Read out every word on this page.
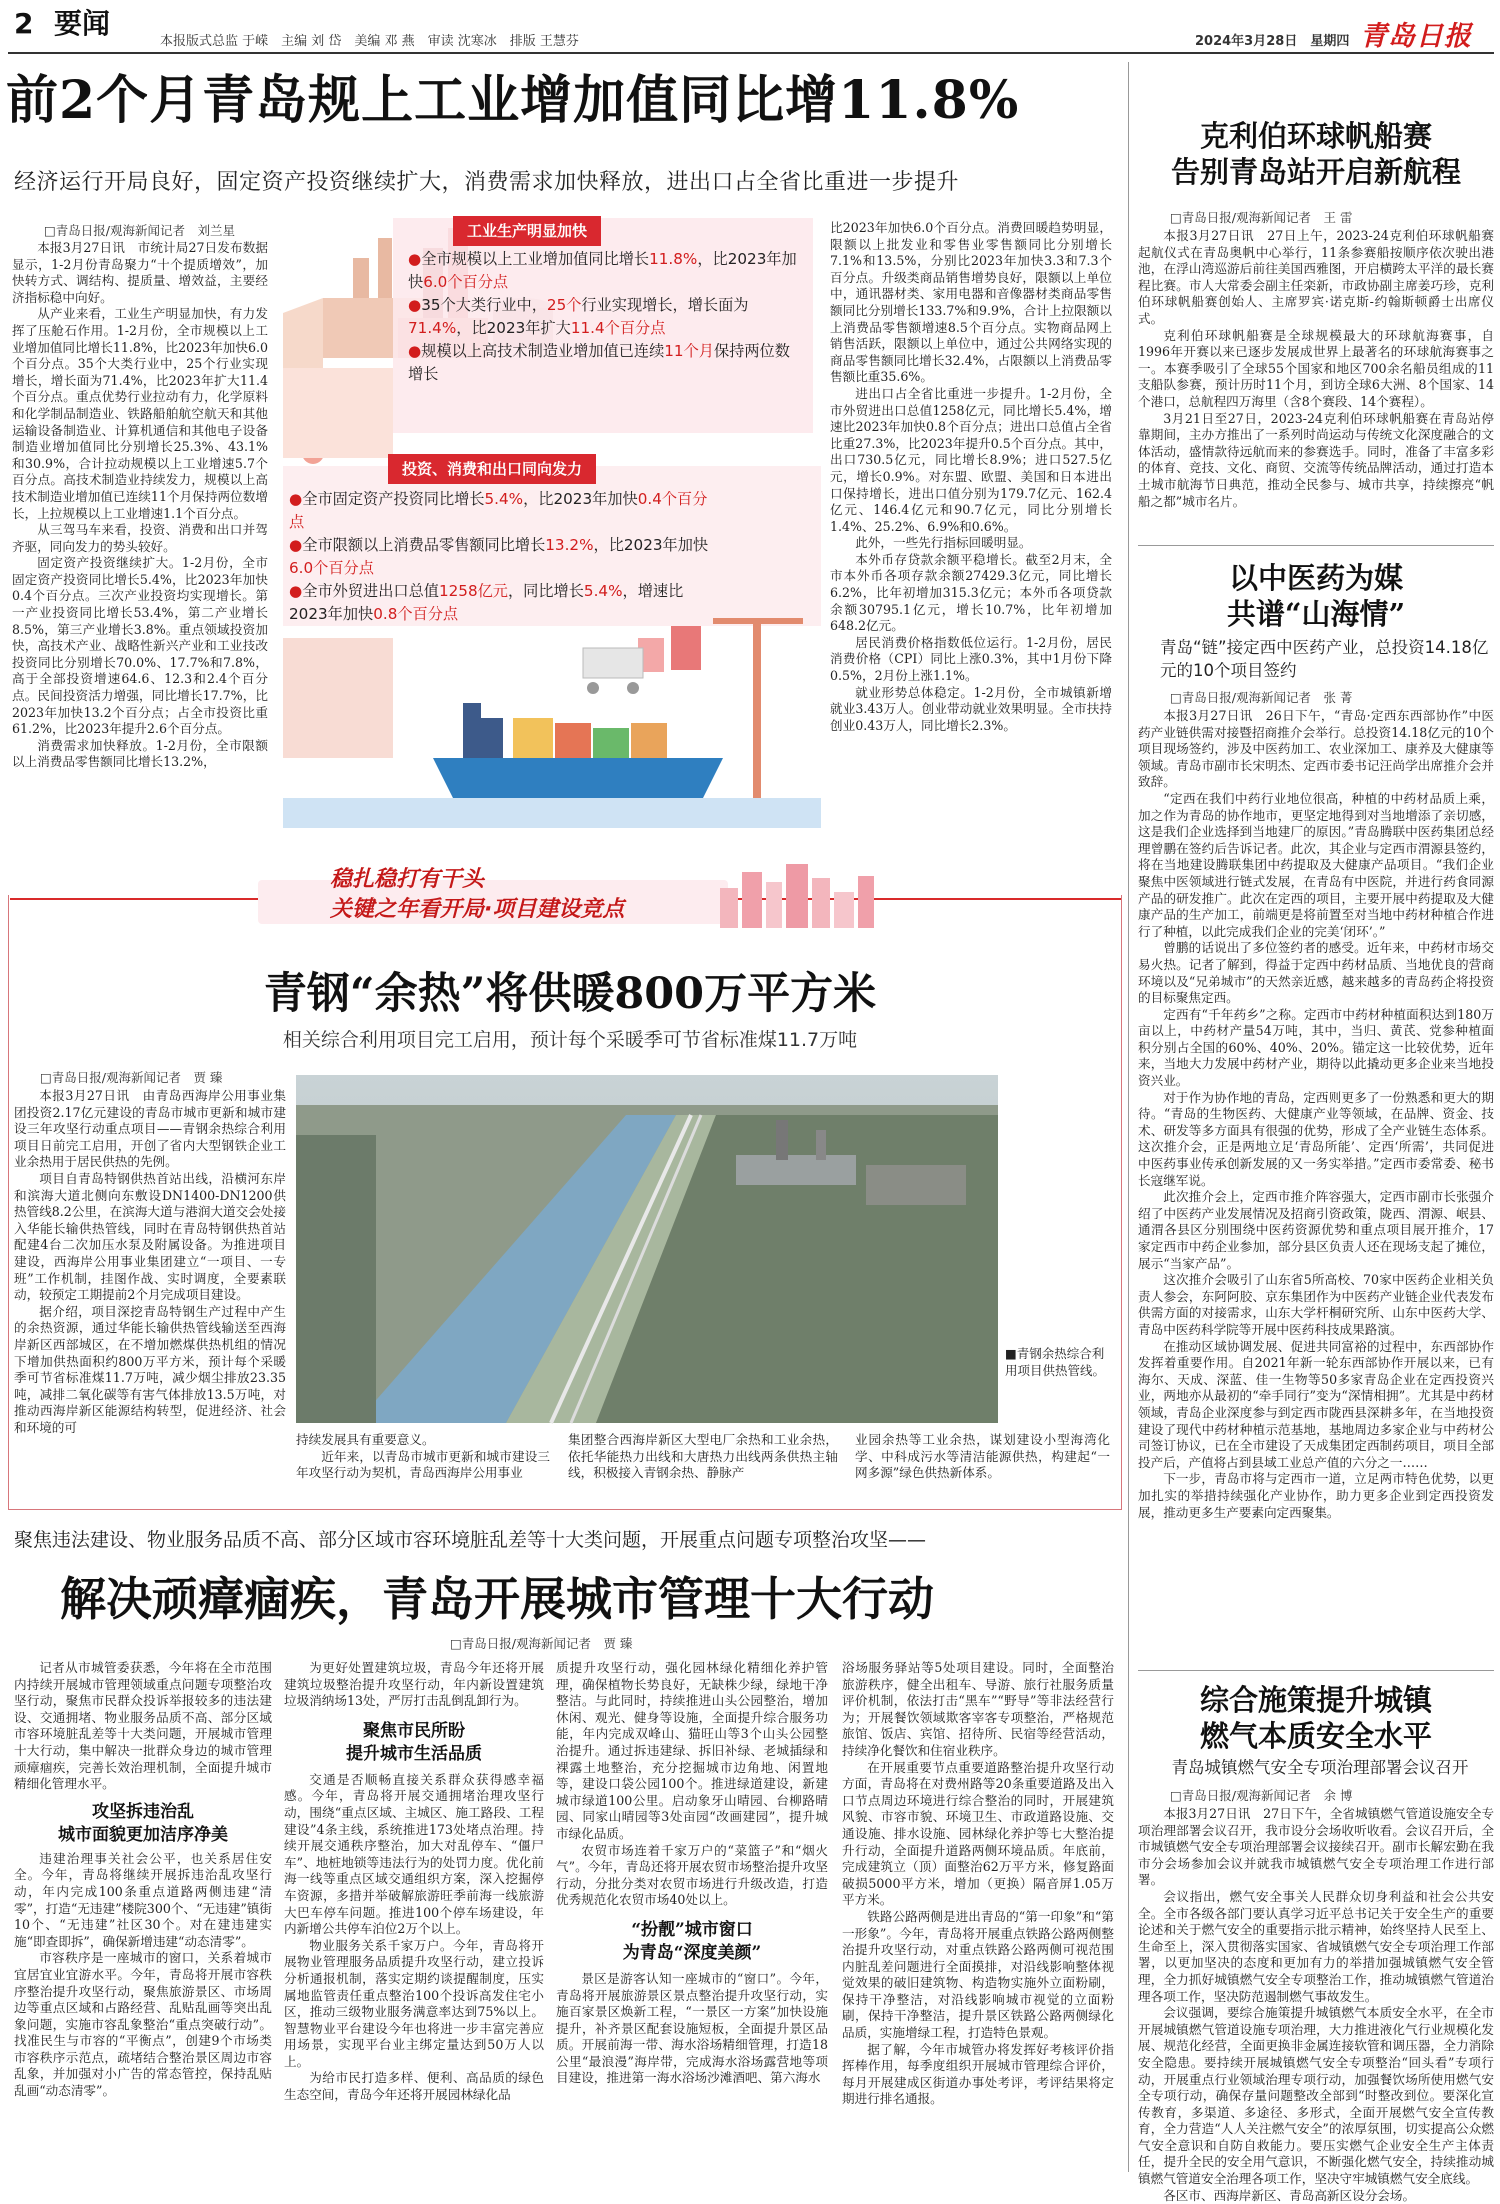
2 要闻
本报版式总监 于嵘　主编 刘 岱　美编 邓 燕　审读 沈寒冰　排版 王慧芬	2024年3月28日　星期四 青岛日报
前2个月青岛规上工业增加值同比增11.8%
经济运行开局良好，固定资产投资继续扩大，消费需求加快释放，进出口占全省比重进一步提升
□青岛日报/观海新闻记者　刘兰星

本报3月27日讯　市统计局27日发布数据显示，1-2月份青岛聚力“十个提质增效”，加快转方式、调结构、提质量、增效益，主要经济指标稳中向好。

从产业来看，工业生产明显加快，有力发挥了压舱石作用。1-2月份，全市规模以上工业增加值同比增长11.8%，比2023年加快6.0个百分点。35个大类行业中，25个行业实现增长，增长面为71.4%，比2023年扩大11.4个百分点。重点优势行业拉动有力，化学原料和化学制品制造业、铁路船舶航空航天和其他运输设备制造业、计算机通信和其他电子设备制造业增加值同比分别增长25.3%、43.1%和30.9%，合计拉动规模以上工业增速5.7个百分点。高技术制造业持续发力，规模以上高技术制造业增加值已连续11个月保持两位数增长，上拉规模以上工业增速1.1个百分点。

从三驾马车来看，投资、消费和出口并驾齐驱，同向发力的势头较好。

固定资产投资继续扩大。1-2月份，全市固定资产投资同比增长5.4%，比2023年加快0.4个百分点。三次产业投资均实现增长。第一产业投资同比增长53.4%，第二产业增长8.5%，第三产业增长3.8%。重点领域投资加快，高技术产业、战略性新兴产业和工业技改投资同比分别增长70.0%、17.7%和7.8%，高于全部投资增速64.6、12.3和2.4个百分点。民间投资活力增强，同比增长17.7%，比2023年加快13.2个百分点；占全市投资比重61.2%，比2023年提升2.6个百分点。

消费需求加快释放。1-2月份，全市限额以上消费品零售额同比增长13.2%，

工业生产明显加快
●全市规模以上工业增加值同比增长11.8%，比2023年加快6.0个百分点
●35个大类行业中，25个行业实现增长，增长面为71.4%，比2023年扩大11.4个百分点
●规模以上高技术制造业增加值已连续11个月保持两位数增长
投资、消费和出口同向发力
●全市固定资产投资同比增长5.4%，比2023年加快0.4个百分点
●全市限额以上消费品零售额同比增长13.2%，比2023年加快6.0个百分点
●全市外贸进出口总值1258亿元，同比增长5.4%，增速比2023年加快0.8个百分点

比2023年加快6.0个百分点。消费回暖趋势明显，限额以上批发业和零售业零售额同比分别增长7.1%和13.5%，分别比2023年加快3.3和7.3个百分点。升级类商品销售增势良好，限额以上单位中，通讯器材类、家用电器和音像器材类商品零售额同比分别增长133.7%和9.9%，合计上拉限额以上消费品零售额增速8.5个百分点。实物商品网上销售活跃，限额以上单位中，通过公共网络实现的商品零售额同比增长32.4%，占限额以上消费品零售额比重35.6%。

进出口占全省比重进一步提升。1-2月份，全市外贸进出口总值1258亿元，同比增长5.4%，增速比2023年加快0.8个百分点；进出口总值占全省比重27.3%，比2023年提升0.5个百分点。其中，出口730.5亿元，同比增长8.9%；进口527.5亿元，增长0.9%。对东盟、欧盟、美国和日本进出口保持增长，进出口值分别为179.7亿元、162.4亿元、146.4亿元和90.7亿元，同比分别增长1.4%、25.2%、6.9%和0.6%。

此外，一些先行指标回暖明显。

本外币存贷款余额平稳增长。截至2月末，全市本外币各项存款余额27429.3亿元，同比增长6.2%，比年初增加315.3亿元；本外币各项贷款余额30795.1亿元，增长10.7%，比年初增加648.2亿元。

居民消费价格指数低位运行。1-2月份，居民消费价格（CPI）同比上涨0.3%，其中1月份下降0.5%，2月份上涨1.1%。

就业形势总体稳定。1-2月份，全市城镇新增就业3.43万人。创业带动就业效果明显。全市扶持创业0.43万人，同比增长2.3%。

稳扎稳打有干头
关键之年看开局·项目建设竞点
青钢“余热”将供暖800万平方米
相关综合利用项目完工启用，预计每个采暖季可节省标准煤11.7万吨
□青岛日报/观海新闻记者　贾 臻

本报3月27日讯　由青岛西海岸公用事业集团投资2.17亿元建设的青岛市城市更新和城市建设三年攻坚行动重点项目——青钢余热综合利用项目日前完工启用，开创了省内大型钢铁企业工业余热用于居民供热的先例。

项目自青岛特钢供热首站出线，沿横河东岸和滨海大道北侧向东敷设DN1400-DN1200供热管线8.2公里，在滨海大道与港润大道交会处接入华能长输供热管线，同时在青岛特钢供热首站配建4台二次加压水泵及附属设备。为推进项目建设，西海岸公用事业集团建立“一项目、一专班”工作机制，挂图作战、实时调度，全要素联动，较预定工期提前2个月完成项目建设。

据介绍，项目深挖青岛特钢生产过程中产生的余热资源，通过华能长输供热管线输送至西海岸新区西部城区，在不增加燃煤供热机组的情况下增加供热面积约800万平方米，预计每个采暖季可节省标准煤11.7万吨，减少烟尘排放23.35吨，减排二氧化碳等有害气体排放13.5万吨，对推动西海岸新区能源结构转型，促进经济、社会和环境的可

■青钢余热综合利用项目供热管线。

持续发展具有重要意义。

近年来，以青岛市城市更新和城市建设三年攻坚行动为契机，青岛西海岸公用事业

集团整合西海岸新区大型电厂余热和工业余热，依托华能热力出线和大唐热力出线两条供热主轴线，积极接入青钢余热、静脉产

业园余热等工业余热，谋划建设小型海湾化学、中科成污水等清洁能源供热，构建起“一网多源”绿色供热新体系。

聚焦违法建设、物业服务品质不高、部分区域市容环境脏乱差等十大类问题，开展重点问题专项整治攻坚——
解决顽瘴痼疾，青岛开展城市管理十大行动
□青岛日报/观海新闻记者　贾 臻

记者从市城管委获悉，今年将在全市范围内持续开展城市管理领域重点问题专项整治攻坚行动，聚焦市民群众投诉举报较多的违法建设、交通拥堵、物业服务品质不高、部分区域市容环境脏乱差等十大类问题，开展城市管理十大行动，集中解决一批群众身边的城市管理顽瘴痼疾，完善长效治理机制，全面提升城市精细化管理水平。

攻坚拆违治乱
城市面貌更加洁序净美

违建治理事关社会公平，也关系居住安全。今年，青岛将继续开展拆违治乱攻坚行动，年内完成100条重点道路两侧违建“清零”，打造“无违建”楼院300个、“无违建”镇街10个、“无违建”社区30个。对在建违建实施“即查即拆”，确保新增违建“动态清零”。

市容秩序是一座城市的窗口，关系着城市宜居宜业宜游水平。今年，青岛将开展市容秩序整治提升攻坚行动，聚焦旅游景区、市场周边等重点区域和占路经营、乱贴乱画等突出乱象问题，实施市容乱象整治“重点突破行动”。找准民生与市容的“平衡点”，创建9个市场类市容秩序示范点，疏堵结合整治景区周边市容乱象，并加强对小广告的常态管控，保持乱贴乱画“动态清零”。

为更好处置建筑垃圾，青岛今年还将开展建筑垃圾整治提升攻坚行动，年内新设置建筑垃圾消纳场13处，严厉打击乱倒乱卸行为。

聚焦市民所盼
提升城市生活品质

交通是否顺畅直接关系群众获得感幸福感。今年，青岛将开展交通拥堵治理攻坚行动，围绕“重点区域、主城区、施工路段、工程建设”4条主线，系统推进173处堵点治理。持续开展交通秩序整治，加大对乱停车、“僵尸车”、地桩地锁等违法行为的处罚力度。优化前海一线等重点区域交通组织方案，深入挖掘停车资源，多措并举破解旅游旺季前海一线旅游大巴车停车问题。推进100个停车场建设，年内新增公共停车泊位2万个以上。

物业服务关系千家万户。今年，青岛将开展物业管理服务品质提升攻坚行动，建立投诉分析通报机制，落实定期约谈提醒制度，压实属地监管责任重点整治100个投诉高发住宅小区，推动三级物业服务满意率达到75%以上。智慧物业平台建设今年也将进一步丰富完善应用场景，实现平台业主绑定量达到50万人以上。

为给市民打造多样、便利、高品质的绿色生态空间，青岛今年还将开展园林绿化品

质提升攻坚行动，强化园林绿化精细化养护管理，确保植物长势良好，无缺株少绿，绿地干净整洁。与此同时，持续推进山头公园整治，增加休闲、观光、健身等设施，全面提升综合服务功能，年内完成双峰山、猫旺山等3个山头公园整治提升。通过拆违建绿、拆旧补绿、老城插绿和裸露土地整治，充分挖掘城市边角地、闲置地等，建设口袋公园100个。推进绿道建设，新建城市绿道100公里。启动象牙山晴园、台柳路晴园、同家山晴园等3处亩园“改画建园”，提升城市绿化品质。

农贸市场连着千家万户的“菜篮子”和“烟火气”。今年，青岛还将开展农贸市场整治提升攻坚行动，分批分类对农贸市场进行升级改造，打造优秀规范化农贸市场40处以上。

“扮靓”城市窗口
为青岛“深度美颜”

景区是游客认知一座城市的“窗口”。今年，青岛将开展旅游景区景点整治提升攻坚行动，实施百家景区焕新工程，“一景区一方案”加快设施提升，补齐景区配套设施短板，全面提升景区品质。开展前海一带、海水浴场精细管理，打造18公里“最浪漫”海岸带，完成海水浴场露营地等项目建设，推进第一海水浴场沙滩酒吧、第六海水

浴场服务驿站等5处项目建设。同时，全面整治旅游秩序，健全出租车、导游、旅行社服务质量评价机制，依法打击“黑车”“野导”等非法经营行为；开展餐饮领域欺客宰客专项整治，严格规范旅馆、饭店、宾馆、招待所、民宿等经营活动，持续净化餐饮和住宿业秩序。

在开展重要节点重要道路整治提升攻坚行动方面，青岛将在对费州路等20条重要道路及出入口节点周边环境进行综合整治的同时，开展建筑风貌、市容市貌、环境卫生、市政道路设施、交通设施、排水设施、园林绿化养护等七大整治提升行动，全面提升道路两侧环境品质。年底前，完成建筑立（顶）面整治62万平方米，修复路面破损5000平方米，增加（更换）隔音屏1.05万平方米。

铁路公路两侧是进出青岛的“第一印象”和“第一形象”。今年，青岛将开展重点铁路公路两侧整治提升攻坚行动，对重点铁路公路两侧可视范围内脏乱差问题进行全面摸排，对沿线影响整体视觉效果的破旧建筑物、构造物实施外立面粉刷，保持干净整洁，对沿线影响城市视觉的立面粉刷，保持干净整洁，提升景区铁路公路两侧绿化品质，实施增绿工程，打造特色景观。

据了解，今年市城管办将发挥好考核评价指挥棒作用，每季度组织开展城市管理综合评价，每月开展建成区街道办事处考评，考评结果将定期进行排名通报。

克利伯环球帆船赛
告别青岛站开启新航程
□青岛日报/观海新闻记者　王 雷

本报3月27日讯　27日上午，2023-24克利伯环球帆船赛起航仪式在青岛奥帆中心举行，11条参赛船按顺序依次驶出港池，在浮山湾巡游后前往美国西雅图，开启横跨太平洋的最长赛程比赛。市人大常委会副主任栾新，市政协副主席姜巧珍，克利伯环球帆船赛创始人、主席罗宾·诺克斯-约翰斯顿爵士出席仪式。

克利伯环球帆船赛是全球规模最大的环球航海赛事，自1996年开赛以来已逐步发展成世界上最著名的环球航海赛事之一。本赛季吸引了全球55个国家和地区700余名船员组成的11支船队参赛，预计历时11个月，到访全球6大洲、8个国家、14个港口，总航程四万海里（含8个赛段、14个赛程）。

3月21日至27日，2023-24克利伯环球帆船赛在青岛站停靠期间，主办方推出了一系列时尚运动与传统文化深度融合的文体活动，盛情款待远航而来的参赛选手。同时，准备了丰富多彩的体育、竞技、文化、商贸、交流等传统品牌活动，通过打造本土城市航海节日典范，推动全民参与、城市共享，持续擦亮“帆船之都”城市名片。

以中医药为媒
共谱“山海情”
青岛“链”接定西中医药产业，总投资14.18亿元的10个项目签约
□青岛日报/观海新闻记者　张 菁

本报3月27日讯　26日下午，“青岛·定西东西部协作”中医药产业链供需对接暨招商推介会举行。总投资14.18亿元的10个项目现场签约，涉及中医药加工、农业深加工、康养及大健康等领域。青岛市副市长宋明杰、定西市委书记汪尚学出席推介会并致辞。

“定西在我们中药行业地位很高，种植的中药材品质上乘，加之作为青岛的协作地市，更坚定地得到对当地增添了亲切感，这是我们企业选择到当地建厂的原因。”青岛腾联中医药集团总经理曾鹏在签约后告诉记者。此次，其企业与定西市渭源县签约，将在当地建设腾联集团中药提取及大健康产品项目。“我们企业聚焦中医领域进行链式发展，在青岛有中医院，并进行药食同源产品的研发推广。此次在定西的项目，主要开展中药提取及大健康产品的生产加工，前端更是将前置至对当地中药材种植合作进行了种植，以此完成我们企业的完美‘闭环’。”

曾鹏的话说出了多位签约者的感受。近年来，中药材市场交易火热。记者了解到，得益于定西中药材品质、当地优良的营商环境以及“兄弟城市”的天然亲近感，越来越多的青岛药企将投资的目标聚焦定西。

定西有“千年药乡”之称。定西市中药材种植面积达到180万亩以上，中药材产量54万吨，其中，当归、黄芪、党参种植面积分别占全国的60%、40%、20%。锚定这一比较优势，近年来，当地大力发展中药材产业，期待以此撬动更多企业来当地投资兴业。

对于作为协作地的青岛，定西则更多了一份熟悉和更大的期待。“青岛的生物医药、大健康产业等领域，在品牌、资金、技术、研发等多方面具有很强的优势，形成了全产业链生态体系。这次推介会，正是两地立足‘青岛所能’、定西‘所需’，共同促进中医药事业传承创新发展的又一务实举措。”定西市委常委、秘书长寇继军说。

此次推介会上，定西市推介阵容强大，定西市副市长张强介绍了中医药产业发展情况及招商引资政策，陇西、渭源、岷县、通渭各县区分别围绕中医药资源优势和重点项目展开推介，17家定西市中药企业参加，部分县区负责人还在现场支起了摊位，展示“当家产品”。

这次推介会吸引了山东省5所高校、70家中医药企业相关负责人参会，东阿阿胶、京东集团作为中医药产业链企业代表发布供需方面的对接需求，山东大学杆桐研究所、山东中医药大学、青岛中医药科学院等开展中医药科技成果路演。

在推动区域协调发展、促进共同富裕的过程中，东西部协作发挥着重要作用。自2021年新一轮东西部协作开展以来，已有海尔、天成、深蓝、佳一生物等50多家青岛企业在定西投资兴业，两地亦从最初的“牵手同行”变为“深情相拥”。尤其是中药材领域，青岛企业深度参与到定西市陇西县深耕多年，在当地投资建设了现代中药材种植示范基地，基地周边多家企业与中药材公司签订协议，已在全市建设了天成集团定西制药项目，项目全部投产后，产值将占到县域工业总产值的六分之一……

下一步，青岛市将与定西市一道，立足两市特色优势，以更加扎实的举措持续强化产业协作，助力更多企业到定西投资发展，推动更多生产要素向定西聚集。

综合施策提升城镇
燃气本质安全水平
青岛城镇燃气安全专项治理部署会议召开
□青岛日报/观海新闻记者　余 博

本报3月27日讯　27日下午，全省城镇燃气管道设施安全专项治理部署会议召开，我市设分会场收听收看。会议召开后，全市城镇燃气安全专项治理部署会议接续召开。副市长解宏勤在我市分会场参加会议并就我市城镇燃气安全专项治理工作进行部署。

会议指出，燃气安全事关人民群众切身利益和社会公共安全。全市各级各部门要认真学习近平总书记关于安全生产的重要论述和关于燃气安全的重要指示批示精神，始终坚持人民至上、生命至上，深入贯彻落实国家、省城镇燃气安全专项治理工作部署，以更加坚决的态度和更加有力的举措加强城镇燃气安全管理，全力抓好城镇燃气安全专项整治工作，推动城镇燃气管道治理各项工作，坚决防范遏制燃气事故发生。

会议强调，要综合施策提升城镇燃气本质安全水平，在全市开展城镇燃气管道设施专项治理，大力推进液化气行业规模化发展、规范化经营，全面更换非金属连接软管和调压器，全力消除安全隐患。要持续开展城镇燃气安全专项整治“回头看”专项行动，开展重点行业领域治理专项行动，加强餐饮场所使用燃气安全专项行动，确保存量问题整改全部到“时整改到位。要深化宣传教育，多渠道、多途径、多形式，全面开展燃气安全宣传教育，全力营造“人人关注燃气安全”的浓厚氛围，切实提高公众燃气安全意识和自防自救能力。要压实燃气企业安全生产主体责任，提升全民的安全用气意识，不断强化燃气安全，持续推动城镇燃气管道安全治理各项工作，坚决守牢城镇燃气安全底线。

各区市、西海岸新区、青岛高新区设分会场。
